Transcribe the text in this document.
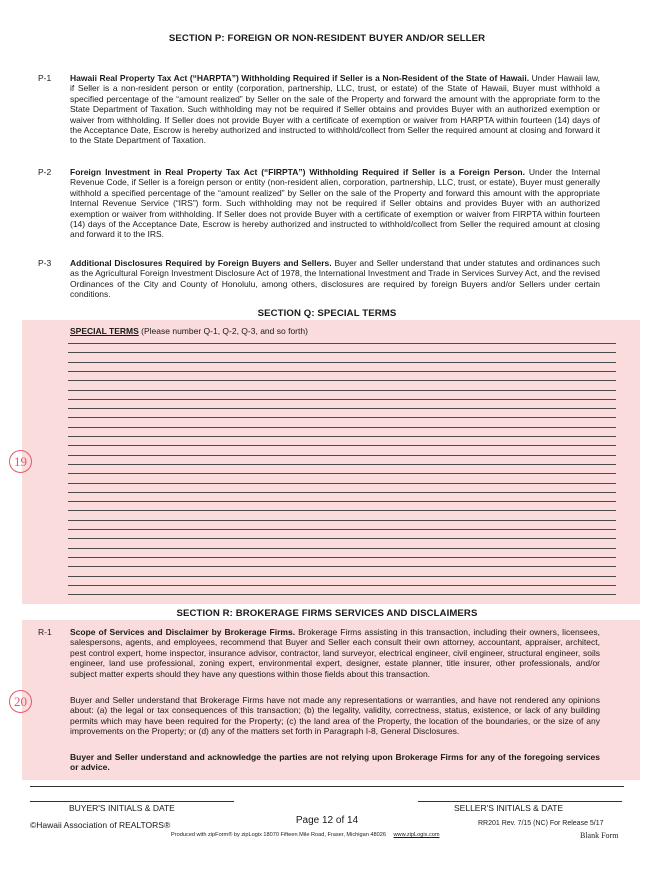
SECTION P: FOREIGN OR NON-RESIDENT BUYER AND/OR SELLER
P-1 Hawaii Real Property Tax Act (“HARPTA”) Withholding Required if Seller is a Non-Resident of the State of Hawaii. Under Hawaii law, if Seller is a non-resident person or entity (corporation, partnership, LLC, trust, or estate) of the State of Hawaii, Buyer must withhold a specified percentage of the “amount realized” by Seller on the sale of the Property and forward the amount with the appropriate form to the State Department of Taxation. Such withholding may not be required if Seller obtains and provides Buyer with an authorized exemption or waiver from withholding. If Seller does not provide Buyer with a certificate of exemption or waiver from HARPTA within fourteen (14) days of the Acceptance Date, Escrow is hereby authorized and instructed to withhold/collect from Seller the required amount at closing and forward it to the State Department of Taxation.
P-2 Foreign Investment in Real Property Tax Act (“FIRPTA”) Withholding Required if Seller is a Foreign Person. Under the Internal Revenue Code, if Seller is a foreign person or entity (non-resident alien, corporation, partnership, LLC, trust, or estate), Buyer must generally withhold a specified percentage of the “amount realized” by Seller on the sale of the Property and forward this amount with the appropriate Internal Revenue Service (“IRS”) form. Such withholding may not be required if Seller obtains and provides Buyer with an authorized exemption or waiver from withholding. If Seller does not provide Buyer with a certificate of exemption or waiver from FIRPTA within fourteen (14) days of the Acceptance Date, Escrow is hereby authorized and instructed to withhold/collect from Seller the required amount at closing and forward it to the IRS.
P-3 Additional Disclosures Required by Foreign Buyers and Sellers. Buyer and Seller understand that under statutes and ordinances such as the Agricultural Foreign Investment Disclosure Act of 1978, the International Investment and Trade in Services Survey Act, and the revised Ordinances of the City and County of Honolulu, among others, disclosures are required by foreign Buyers and/or Sellers under certain conditions.
SECTION Q: SPECIAL TERMS
SPECIAL TERMS (Please number Q-1, Q-2, Q-3, and so forth)
19
SECTION R: BROKERAGE FIRMS SERVICES AND DISCLAIMERS
20
R-1 Scope of Services and Disclaimer by Brokerage Firms. Brokerage Firms assisting in this transaction, including their owners, licensees, salespersons, agents, and employees, recommend that Buyer and Seller each consult their own attorney, accountant, appraiser, architect, pest control expert, home inspector, insurance advisor, contractor, land surveyor, electrical engineer, civil engineer, structural engineer, soils engineer, land use professional, zoning expert, environmental expert, designer, estate planner, title insurer, other professionals, and/or subject matter experts should they have any questions within those fields about this transaction.
Buyer and Seller understand that Brokerage Firms have not made any representations or warranties, and have not rendered any opinions about: (a) the legal or tax consequences of this transaction; (b) the legality, validity, correctness, status, existence, or lack of any building permits which may have been required for the Property; (c) the land area of the Property, the location of the boundaries, or the size of any improvements on the Property; or (d) any of the matters set forth in Paragraph I-8, General Disclosures.
Buyer and Seller understand and acknowledge the parties are not relying upon Brokerage Firms for any of the foregoing services or advice.
BUYER'S INITIALS & DATE	SELLER'S INITIALS & DATE
©Hawaii Association of REALTORS®	Page 12 of 14	RR201 Rev. 7/15 (NC) For Release 5/17
Produced with zipForm® by zipLogix 18070 Fifteen Mile Road, Fraser, Michigan 48026 www.zipLogix.com	Blank Form
